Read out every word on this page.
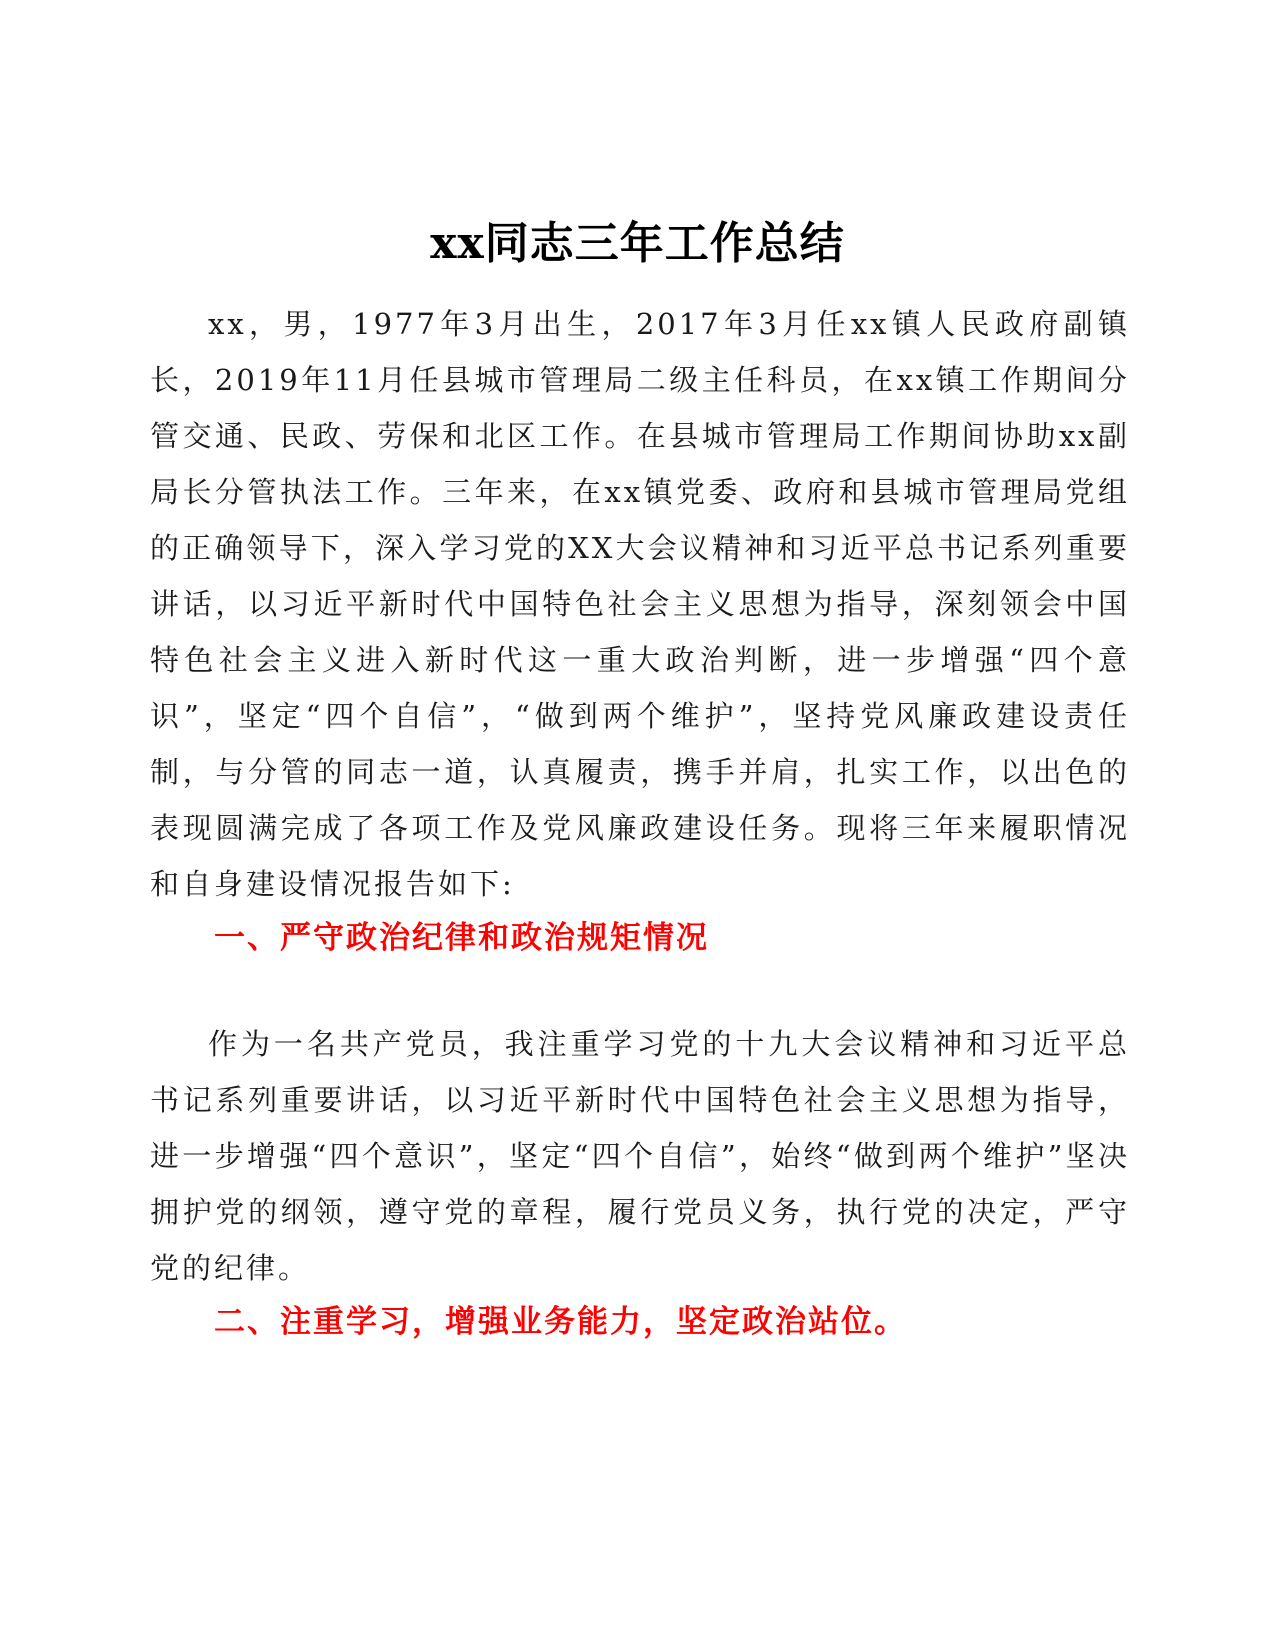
xx同志三年工作总结

xx，男，1977年3月出生，2017年3月任xx镇人民政府副镇长，2019年11月任县城市管理局二级主任科员，在xx镇工作期间分管交通、民政、劳保和北区工作。在县城市管理局工作期间协助xx副局长分管执法工作。三年来，在xx镇党委、政府和县城市管理局党组的正确领导下，深入学习党的XX大会议精神和习近平总书记系列重要讲话，以习近平新时代中国特色社会主义思想为指导，深刻领会中国特色社会主义进入新时代这一重大政治判断，进一步增强“四个意识”，坚定“四个自信”，“做到两个维护”，坚持党风廉政建设责任制，与分管的同志一道，认真履责，携手并肩，扎实工作，以出色的表现圆满完成了各项工作及党风廉政建设任务。现将三年来履职情况和自身建设情况报告如下:

一、严守政治纪律和政治规矩情况

作为一名共产党员，我注重学习党的十九大会议精神和习近平总书记系列重要讲话，以习近平新时代中国特色社会主义思想为指导，进一步增强“四个意识”，坚定“四个自信”，始终“做到两个维护”坚决拥护党的纲领，遵守党的章程，履行党员义务，执行党的决定，严守党的纪律。

二、注重学习，增强业务能力，坚定政治站位。
